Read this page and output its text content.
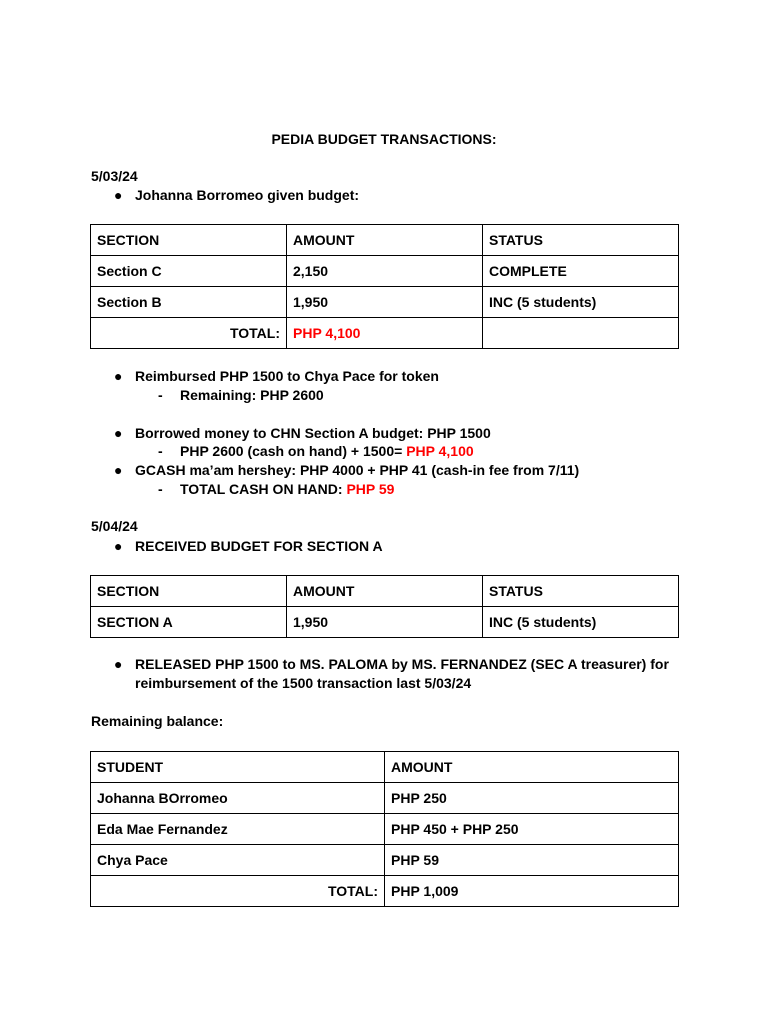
PEDIA BUDGET TRANSACTIONS:
5/03/24
● Johanna Borromeo given budget:
SECTION	AMOUNT	STATUS
Section C	2,150	COMPLETE
Section B	1,950	INC (5 students)
TOTAL:	PHP 4,100	
● Reimbursed PHP 1500 to Chya Pace for token
- Remaining: PHP 2600
● Borrowed money to CHN Section A budget: PHP 1500
- PHP 2600 (cash on hand) + 1500= PHP 4,100
● GCASH ma’am hershey: PHP 4000 + PHP 41 (cash-in fee from 7/11)
- TOTAL CASH ON HAND: PHP 59
5/04/24
● RECEIVED BUDGET FOR SECTION A
SECTION	AMOUNT	STATUS
SECTION A	1,950	INC (5 students)
● RELEASED PHP 1500 to MS. PALOMA by MS. FERNANDEZ (SEC A treasurer) for
reimbursement of the 1500 transaction last 5/03/24
Remaining balance:
STUDENT	AMOUNT
Johanna BOrromeo	PHP 250
Eda Mae Fernandez	PHP 450 + PHP 250
Chya Pace	PHP 59
TOTAL:	PHP 1,009
